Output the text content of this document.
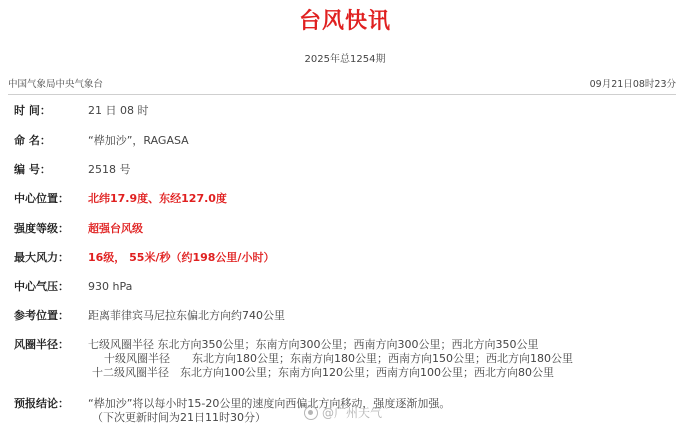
台风快讯
2025年总1254期
中国气象局中央气象台	09月21日08时23分
时 间：	21 日 08 时
命 名：	“桦加沙”，RAGASA
编 号：	2518 号
中心位置：	北纬17.9度、东经127.0度
强度等级：	超强台风级
最大风力：	16级， 55米/秒（约198公里/小时）
中心气压：	930 hPa
参考位置：	距离菲律宾马尼拉东偏北方向约740公里
风圈半径：	七级风圈半径 东北方向350公里；东南方向300公里；西南方向300公里；西北方向350公里
十级风圈半径 东北方向180公里；东南方向180公里；西南方向150公里；西北方向180公里
十二级风圈半径 东北方向100公里；东南方向120公里；西南方向100公里；西北方向80公里
预报结论：	“桦加沙”将以每小时15-20公里的速度向西偏北方向移动，强度逐渐加强。
（下次更新时间为21日11时30分）	@广州天气
